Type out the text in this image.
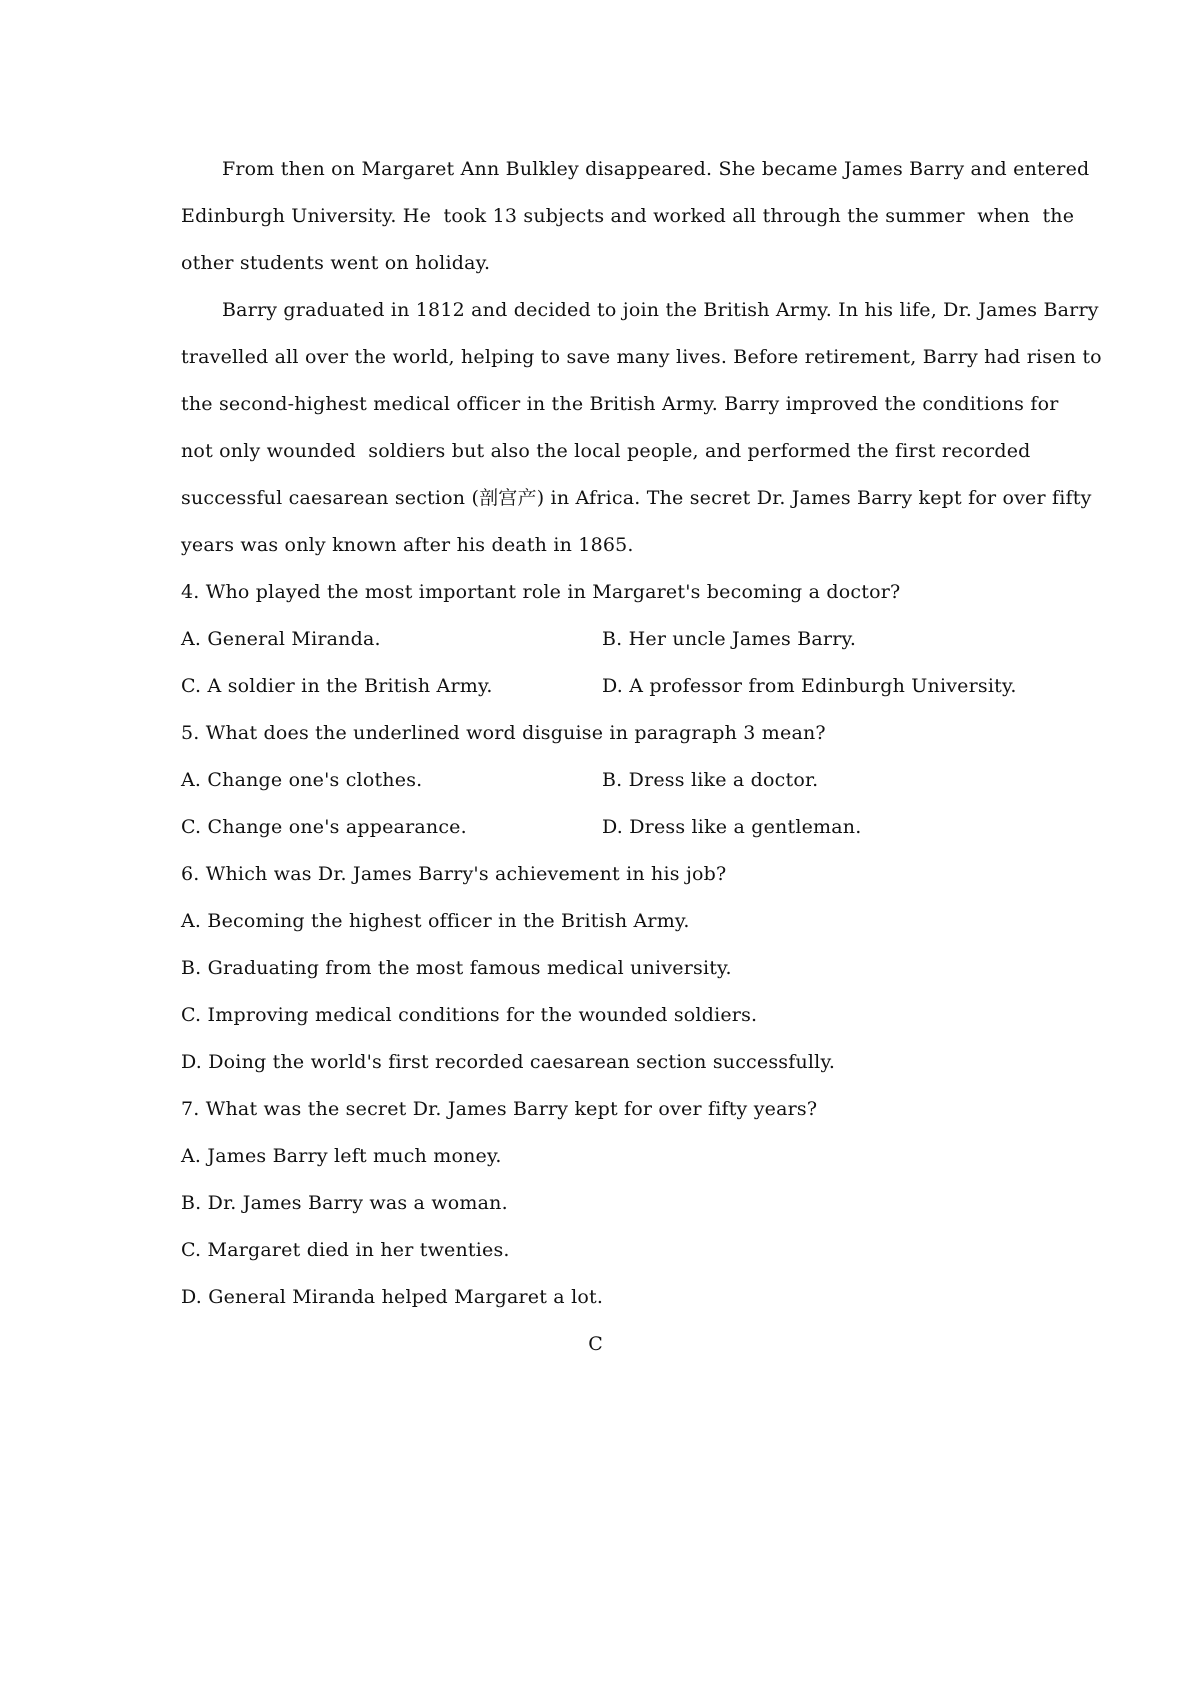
From then on Margaret Ann Bulkley disappeared. She became James Barry and entered
Edinburgh University. He  took 13 subjects and worked all through the summer  when  the
other students went on holiday.
Barry graduated in 1812 and decided to join the British Army. In his life, Dr. James Barry
travelled all over the world, helping to save many lives. Before retirement, Barry had risen to
the second-highest medical officer in the British Army. Barry improved the conditions for
not only wounded  soldiers but also the local people, and performed the first recorded
successful caesarean section (剖宫产) in Africa. The secret Dr. James Barry kept for over fifty
years was only known after his death in 1865.
4. Who played the most important role in Margaret's becoming a doctor?
A. General Miranda.	B. Her uncle James Barry.
C. A soldier in the British Army.	D. A professor from Edinburgh University.
5. What does the underlined word disguise in paragraph 3 mean?
A. Change one's clothes.	B. Dress like a doctor.
C. Change one's appearance.	D. Dress like a gentleman.
6. Which was Dr. James Barry's achievement in his job?
A. Becoming the highest officer in the British Army.
B. Graduating from the most famous medical university.
C. Improving medical conditions for the wounded soldiers.
D. Doing the world's first recorded caesarean section successfully.
7. What was the secret Dr. James Barry kept for over fifty years?
A. James Barry left much money.
B. Dr. James Barry was a woman.
C. Margaret died in her twenties.
D. General Miranda helped Margaret a lot.
C
